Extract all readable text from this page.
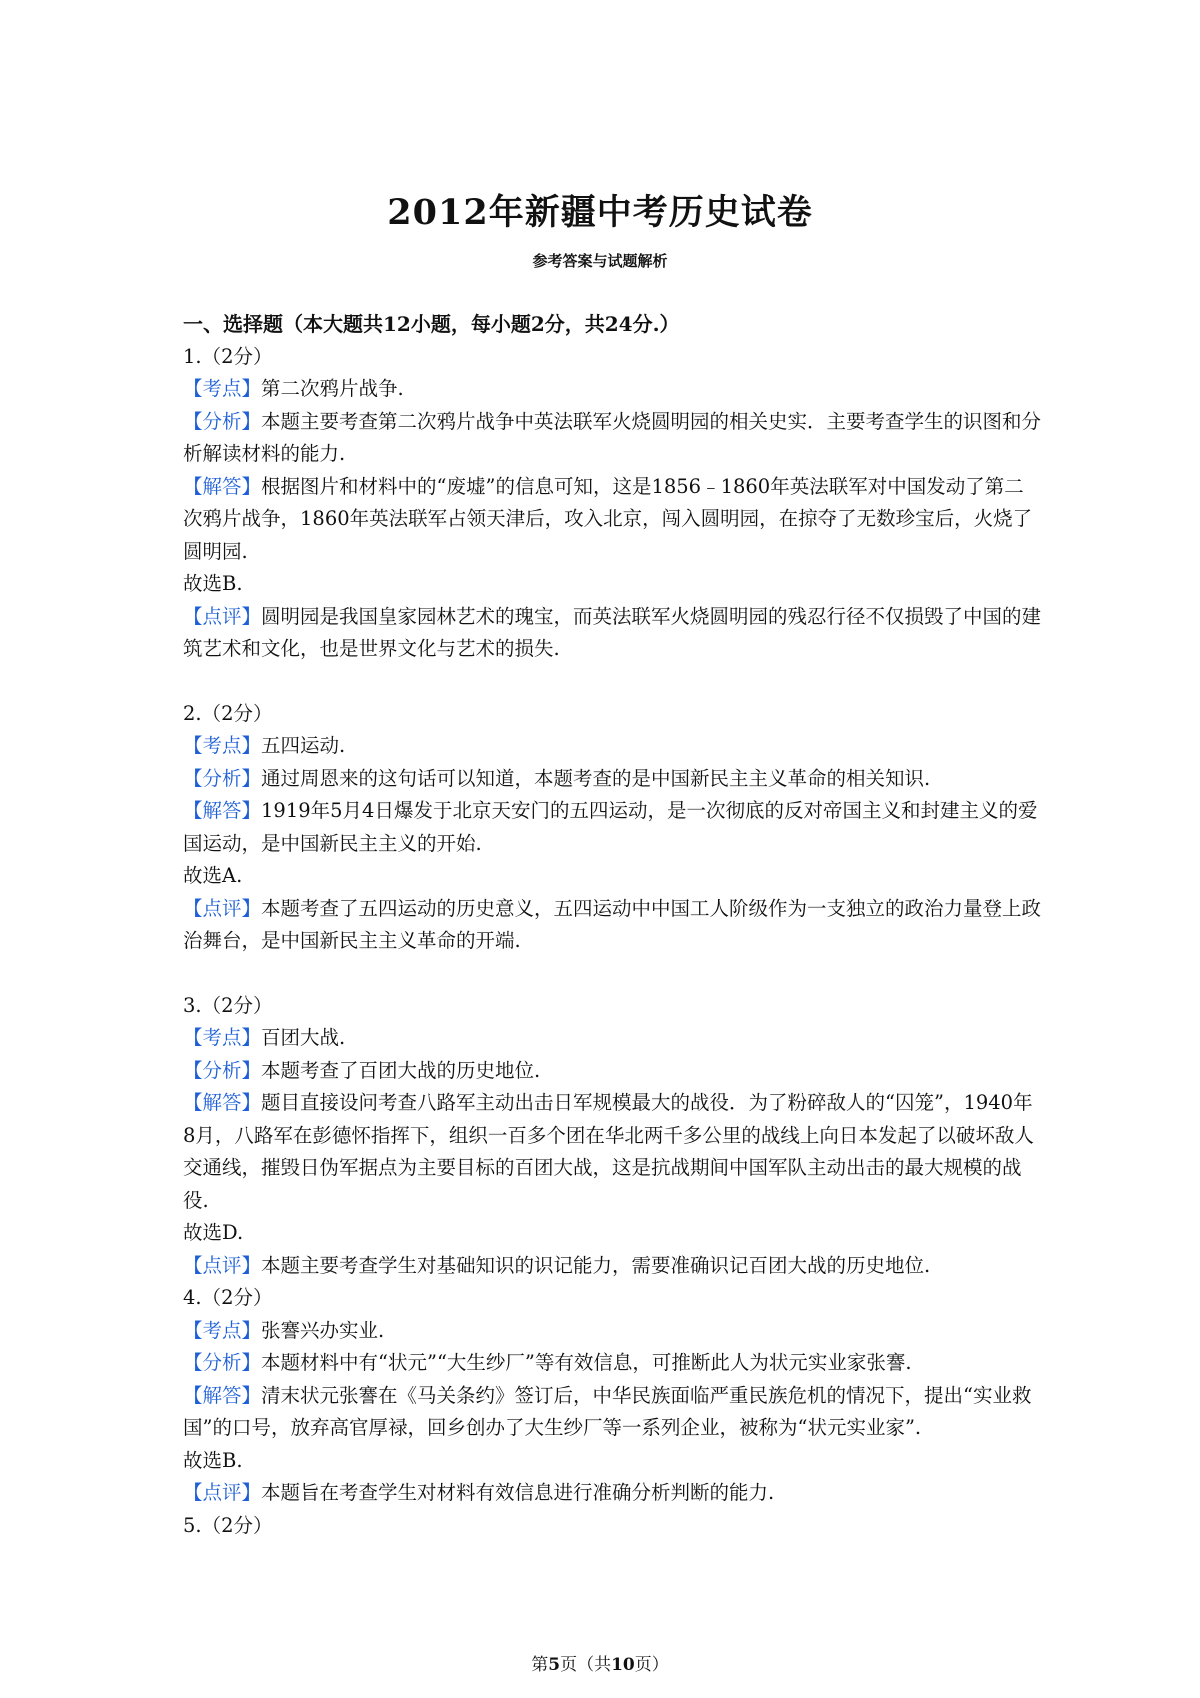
2012年新疆中考历史试卷
参考答案与试题解析
一、选择题（本大题共12小题，每小题2分，共24分.）
1.（2分）
【考点】第二次鸦片战争.
【分析】本题主要考查第二次鸦片战争中英法联军火烧圆明园的相关史实．主要考查学生的识图和分析解读材料的能力.
【解答】根据图片和材料中的“废墟”的信息可知，这是1856﹣1860年英法联军对中国发动了第二次鸦片战争，1860年英法联军占领天津后，攻入北京，闯入圆明园，在掠夺了无数珍宝后，火烧了圆明园.
故选B.
【点评】圆明园是我国皇家园林艺术的瑰宝，而英法联军火烧圆明园的残忍行径不仅损毁了中国的建筑艺术和文化，也是世界文化与艺术的损失.
2.（2分）
【考点】五四运动.
【分析】通过周恩来的这句话可以知道，本题考查的是中国新民主主义革命的相关知识.
【解答】1919年5月4日爆发于北京天安门的五四运动，是一次彻底的反对帝国主义和封建主义的爱国运动，是中国新民主主义的开始.
故选A.
【点评】本题考查了五四运动的历史意义，五四运动中中国工人阶级作为一支独立的政治力量登上政治舞台，是中国新民主主义革命的开端.
3.（2分）
【考点】百团大战.
【分析】本题考查了百团大战的历史地位.
【解答】题目直接设问考查八路军主动出击日军规模最大的战役．为了粉碎敌人的“囚笼”，1940年8月，八路军在彭德怀指挥下，组织一百多个团在华北两千多公里的战线上向日本发起了以破坏敌人交通线，摧毁日伪军据点为主要目标的百团大战，这是抗战期间中国军队主动出击的最大规模的战役.
故选D.
【点评】本题主要考查学生对基础知识的识记能力，需要准确识记百团大战的历史地位.
4.（2分）
【考点】张謇兴办实业.
【分析】本题材料中有“状元”“大生纱厂”等有效信息，可推断此人为状元实业家张謇.
【解答】清末状元张謇在《马关条约》签订后，中华民族面临严重民族危机的情况下，提出“实业救国”的口号，放弃高官厚禄，回乡创办了大生纱厂等一系列企业，被称为“状元实业家”.
故选B.
【点评】本题旨在考查学生对材料有效信息进行准确分析判断的能力.
5.（2分）
第5页（共10页）
